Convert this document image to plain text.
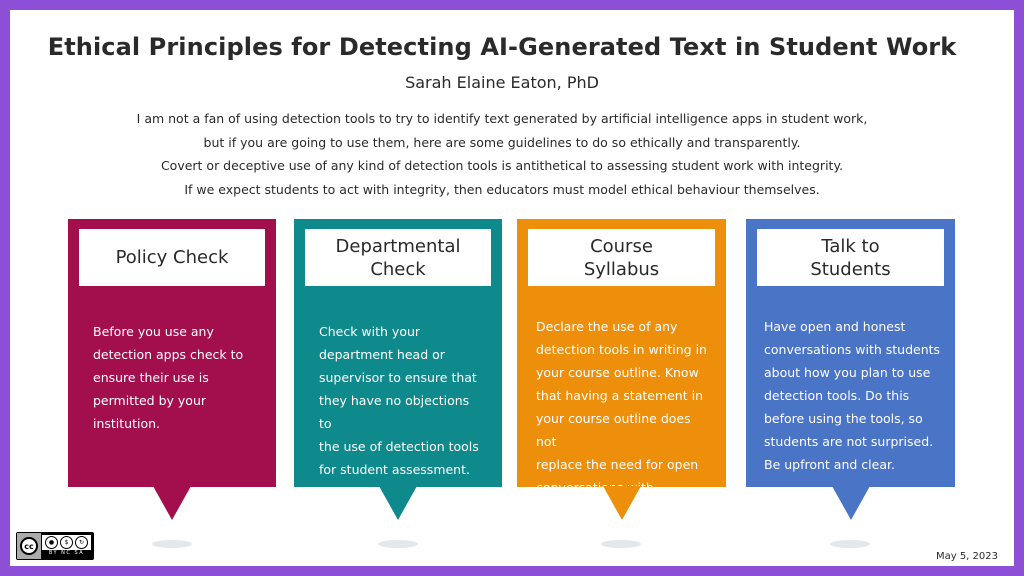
Ethical Principles for Detecting AI-Generated Text in Student Work
Sarah Elaine Eaton, PhD
I am not a fan of using detection tools to try to identify text generated by artificial intelligence apps in student work,
but if you are going to use them, here are some guidelines to do so ethically and transparently.
Covert or deceptive use of any kind of detection tools is antithetical to assessing student work with integrity.
If we expect students to act with integrity, then educators must model ethical behaviour themselves.
Policy Check
Before you use any
detection apps check to
ensure their use is
permitted by your
institution.
Departmental
Check
Check with your
department head or
supervisor to ensure that
they have no objections to
the use of detection tools
for student assessment.
Course
Syllabus
Declare the use of any
detection tools in writing in
your course outline. Know
that having a statement in
your course outline does not
replace the need for open
conversations with students.
Talk to
Students
Have open and honest
conversations with students
about how you plan to use
detection tools. Do this
before using the tools, so
students are not surprised.
Be upfront and clear.
cc	●	$	↻
BY NC SA	May 5, 2023
